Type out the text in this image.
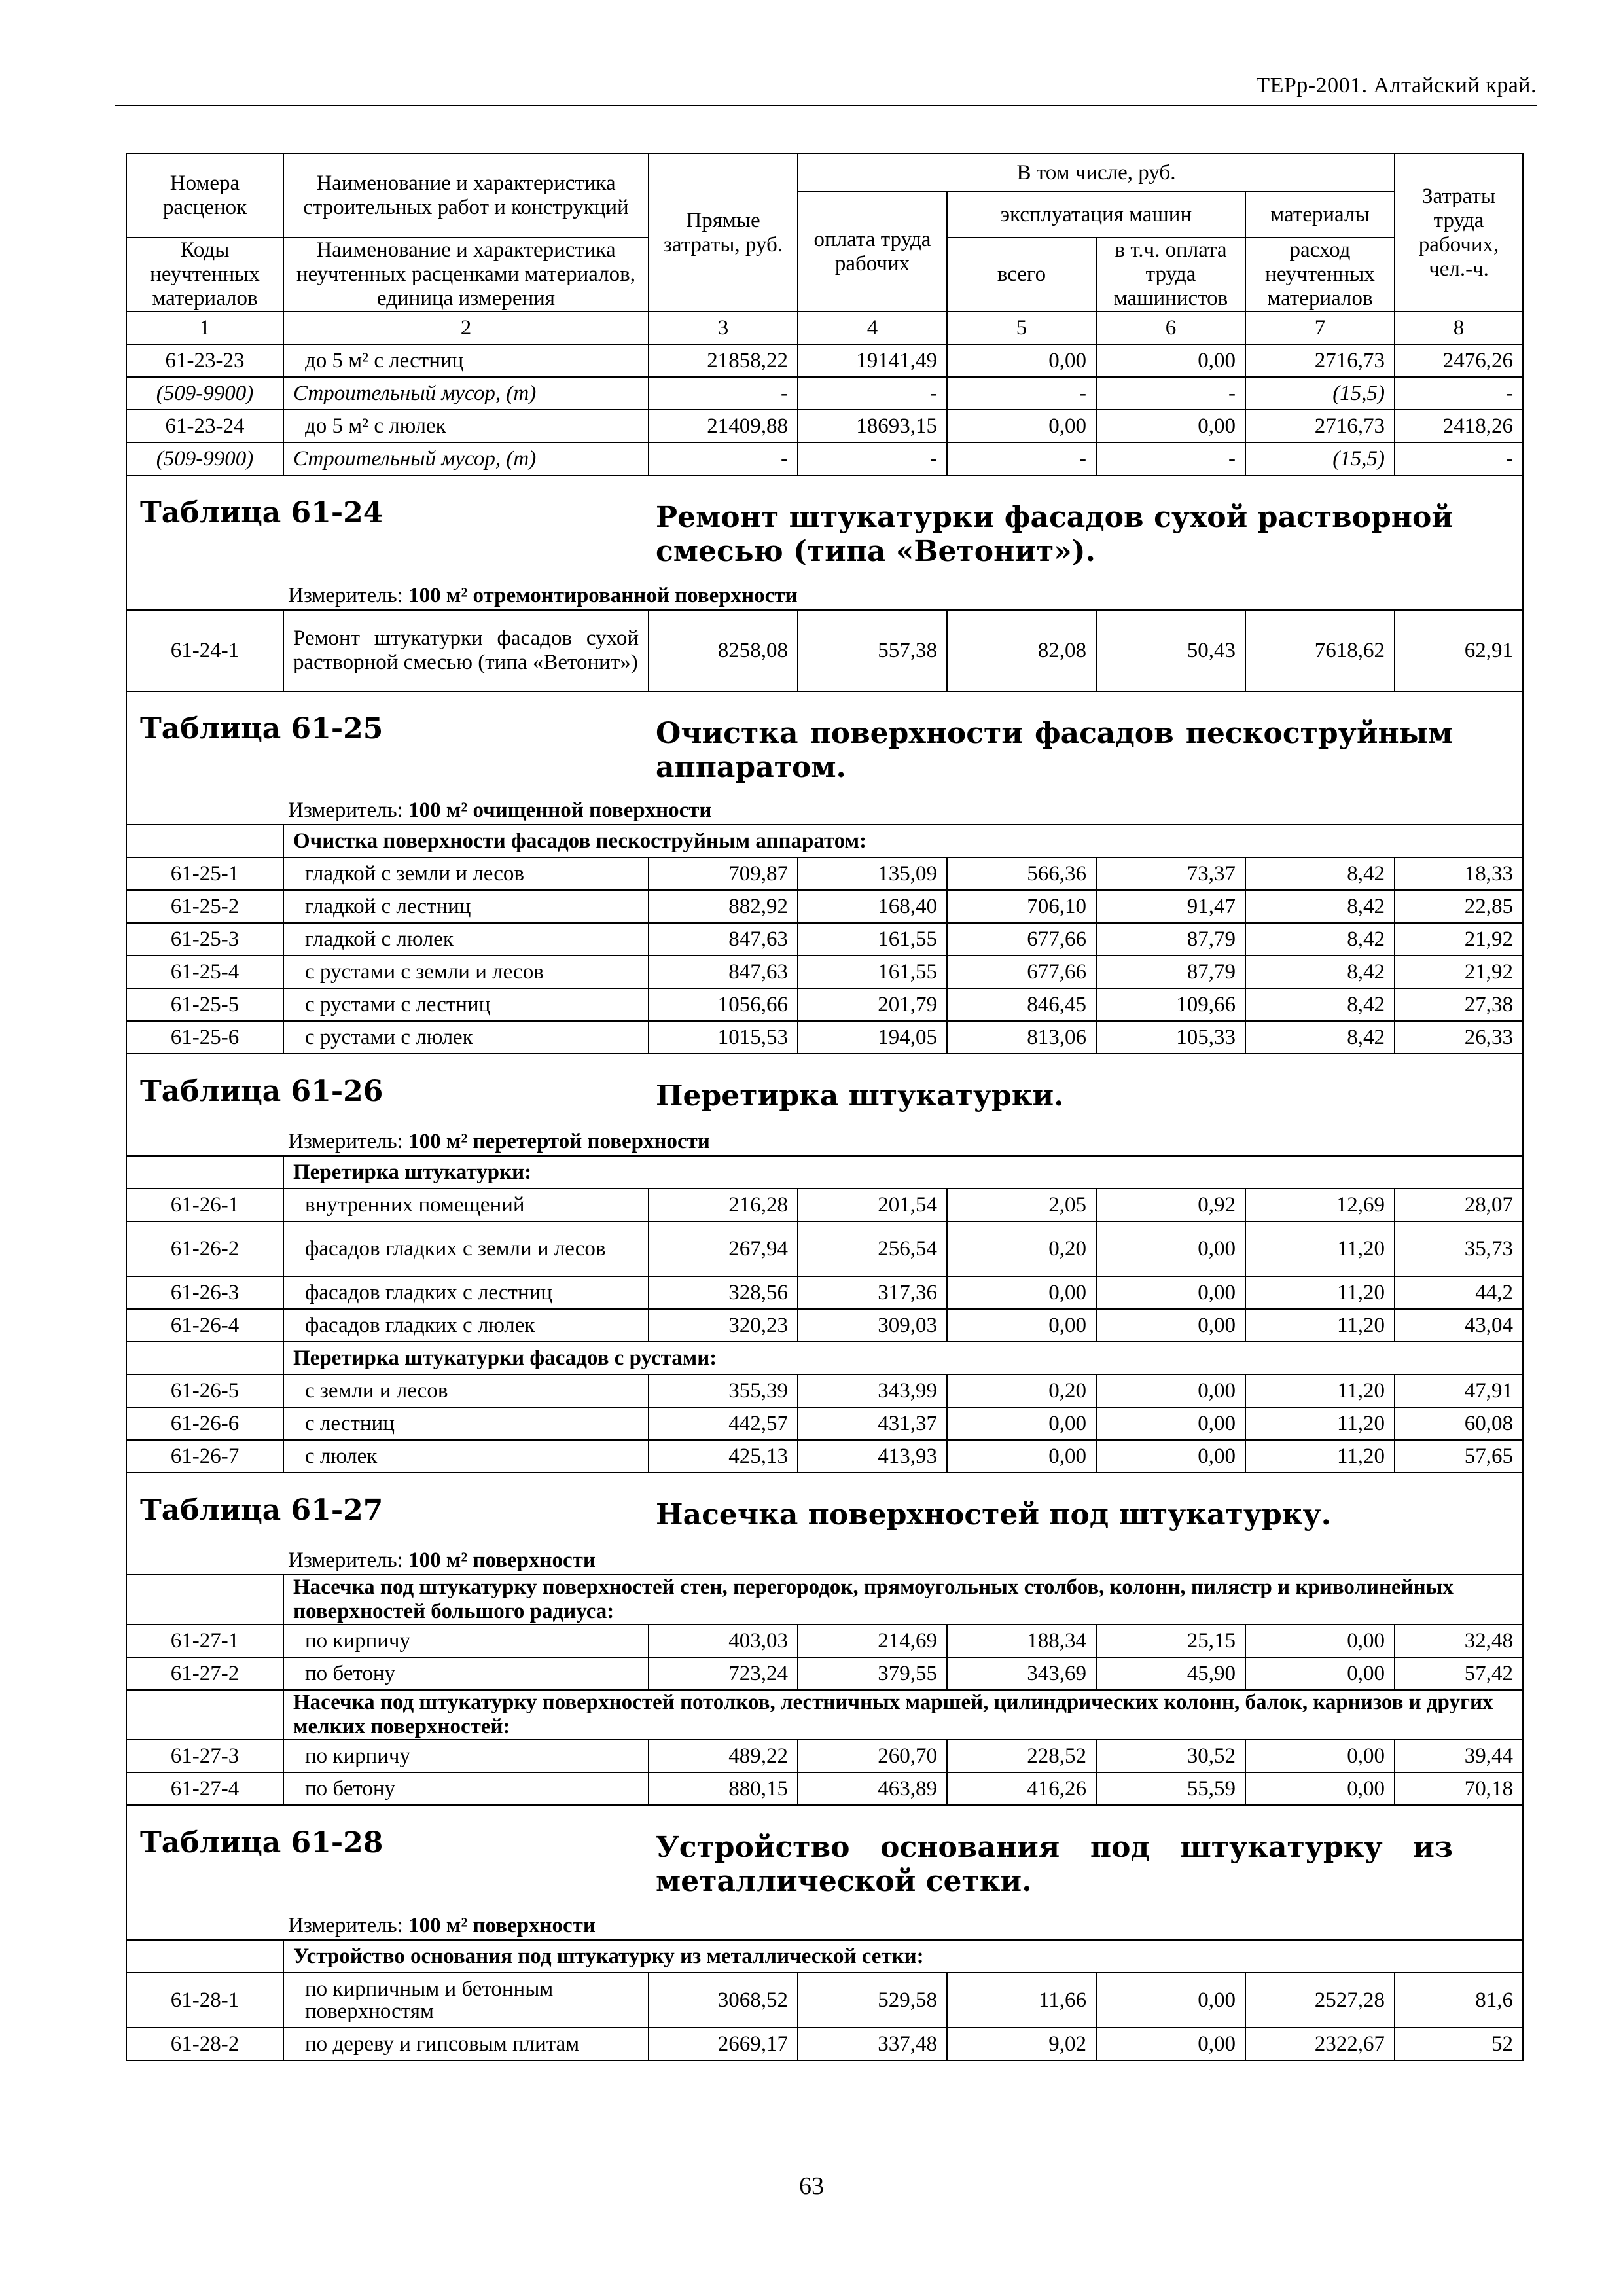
ТЕРр-2001. Алтайский край.
Номера расценок	Наименование и характеристика строительных работ и конструкций	Прямые затраты, руб.	В том числе, руб.				Затраты труда рабочих, чел.-ч.
			оплата труда рабочих	эксплуатация машин		материалы	
Коды неучтенных материалов	Наименование и характеристика неучтенных расценками материалов, единица измерения			всего	в т.ч. оплата труда машинистов	расход неучтенных материалов	
1	2	3	4	5	6	7	8
61-23-23	до 5 м² с лестниц	21858,22	19141,49	0,00	0,00	2716,73	2476,26
(509-9900)	Строительный мусор, (т)	-	-	-	-	(15,5)	-
61-23-24	до 5 м² с люлек	21409,88	18693,15	0,00	0,00	2716,73	2418,26
(509-9900)	Строительный мусор, (т)	-	-	-	-	(15,5)	-

Таблица 61-24 Ремонт штукатурки фасадов сухой растворной смесью (типа «Ветонит»).
Измеритель: 100 м² отремонтированной поверхности							

61-24-1	Ремонт штукатурки фасадов сухой растворной смесью (типа «Ветонит»)	8258,08	557,38	82,08	50,43	7618,62	62,91

Таблица 61-25 Очистка поверхности фасадов пескоструйным аппаратом.
Измеритель: 100 м² очищенной поверхности							

	Очистка поверхности фасадов пескоструйным аппаратом:						
61-25-1	гладкой с земли и лесов	709,87	135,09	566,36	73,37	8,42	18,33
61-25-2	гладкой с лестниц	882,92	168,40	706,10	91,47	8,42	22,85
61-25-3	гладкой с люлек	847,63	161,55	677,66	87,79	8,42	21,92
61-25-4	с рустами с земли и лесов	847,63	161,55	677,66	87,79	8,42	21,92
61-25-5	с рустами с лестниц	1056,66	201,79	846,45	109,66	8,42	27,38
61-25-6	с рустами с люлек	1015,53	194,05	813,06	105,33	8,42	26,33

Таблица 61-26 Перетирка штукатурки.
Измеритель: 100 м² перетертой поверхности							

	Перетирка штукатурки:						
61-26-1	внутренних помещений	216,28	201,54	2,05	0,92	12,69	28,07
61-26-2	фасадов гладких с земли и лесов	267,94	256,54	0,20	0,00	11,20	35,73
61-26-3	фасадов гладких с лестниц	328,56	317,36	0,00	0,00	11,20	44,2
61-26-4	фасадов гладких с люлек	320,23	309,03	0,00	0,00	11,20	43,04
	Перетирка штукатурки фасадов с рустами:						
61-26-5	с земли и лесов	355,39	343,99	0,20	0,00	11,20	47,91
61-26-6	с лестниц	442,57	431,37	0,00	0,00	11,20	60,08
61-26-7	с люлек	425,13	413,93	0,00	0,00	11,20	57,65

Таблица 61-27 Насечка поверхностей под штукатурку.
Измеритель: 100 м² поверхности							

	Насечка под штукатурку поверхностей стен, перегородок, прямоугольных столбов, колонн, пилястр и криволинейных поверхностей большого радиуса:						
61-27-1	по кирпичу	403,03	214,69	188,34	25,15	0,00	32,48
61-27-2	по бетону	723,24	379,55	343,69	45,90	0,00	57,42
	Насечка под штукатурку поверхностей потолков, лестничных маршей, цилиндрических колонн, балок, карнизов и других мелких поверхностей:						
61-27-3	по кирпичу	489,22	260,70	228,52	30,52	0,00	39,44
61-27-4	по бетону	880,15	463,89	416,26	55,59	0,00	70,18

Таблица 61-28 Устройство основания под штукатурку из металлической сетки.
Измеритель: 100 м² поверхности							

	Устройство основания под штукатурку из металлической сетки:						
61-28-1	по кирпичным и бетонным поверхностям	3068,52	529,58	11,66	0,00	2527,28	81,6
61-28-2	по дереву и гипсовым плитам	2669,17	337,48	9,02	0,00	2322,67	52
63
